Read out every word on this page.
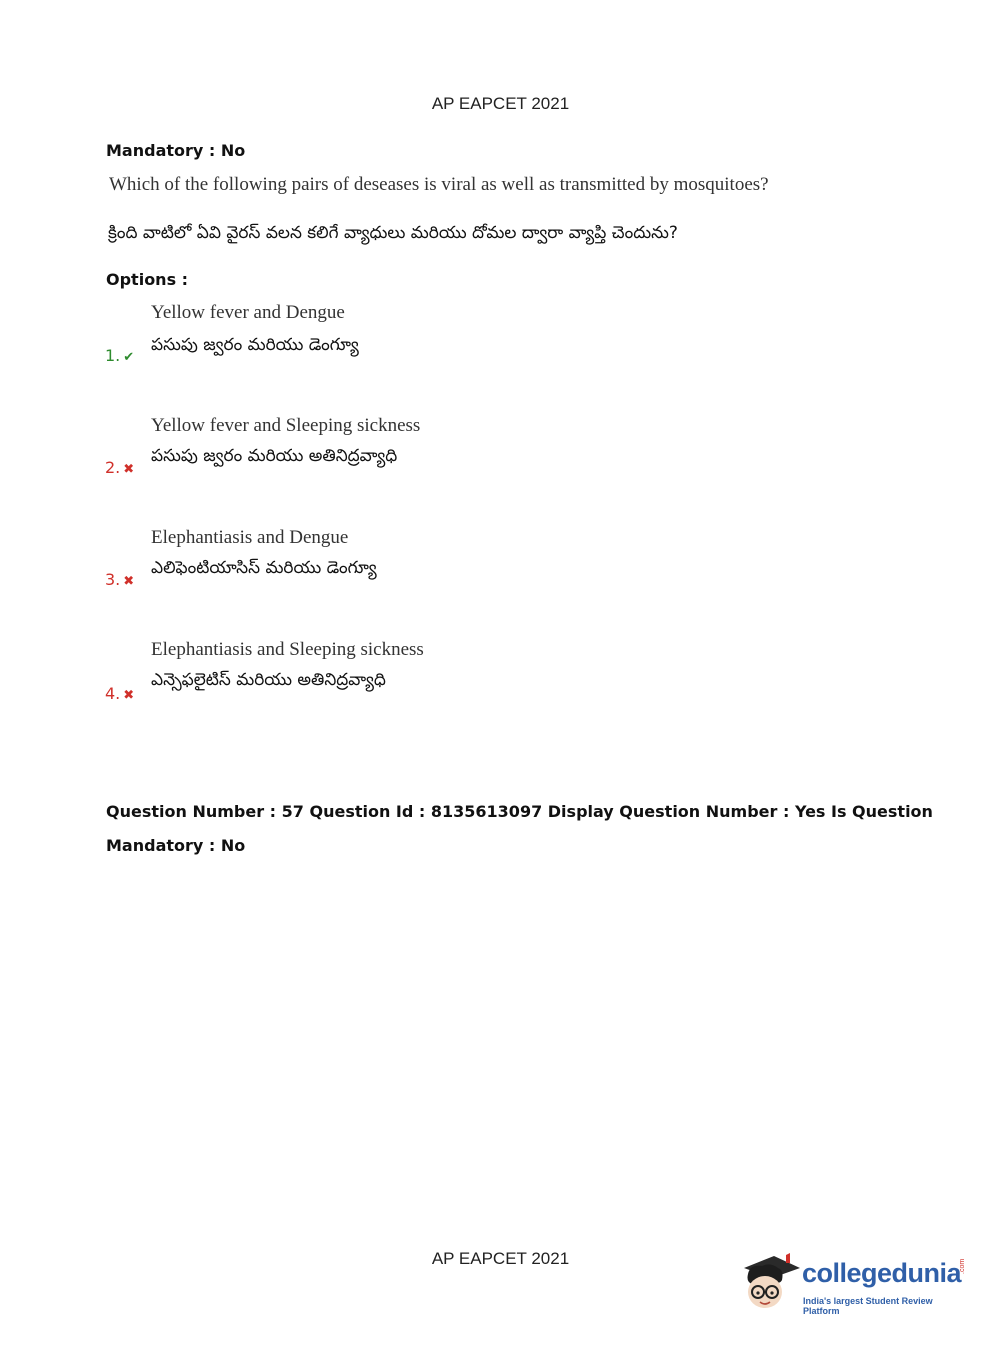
AP EAPCET 2021
Mandatory : No
Which of the following pairs of deseases is viral as well as transmitted by mosquitoes?
క్రింది వాటిలో ఏవి వైరస్ వలన కలిగే వ్యాధులు మరియు దోమల ద్వారా వ్యాప్తి చెందును?
Options :
1. ✔
Yellow fever and Dengue
పసుపు జ్వరం మరియు డెంగ్యూ
2. ✖
Yellow fever and Sleeping sickness
పసుపు జ్వరం మరియు అతినిద్రవ్యాధి
3. ✖
Elephantiasis and Dengue
ఎలిఫెంటియాసిస్ మరియు డెంగ్యూ
4. ✖
Elephantiasis and Sleeping sickness
ఎన్సెఫలైటిస్ మరియు అతినిద్రవ్యాధి
Question Number : 57 Question Id : 8135613097 Display Question Number : Yes Is Question
Mandatory : No
AP EAPCET 2021	collegedunia
.com
India's largest Student Review Platform
